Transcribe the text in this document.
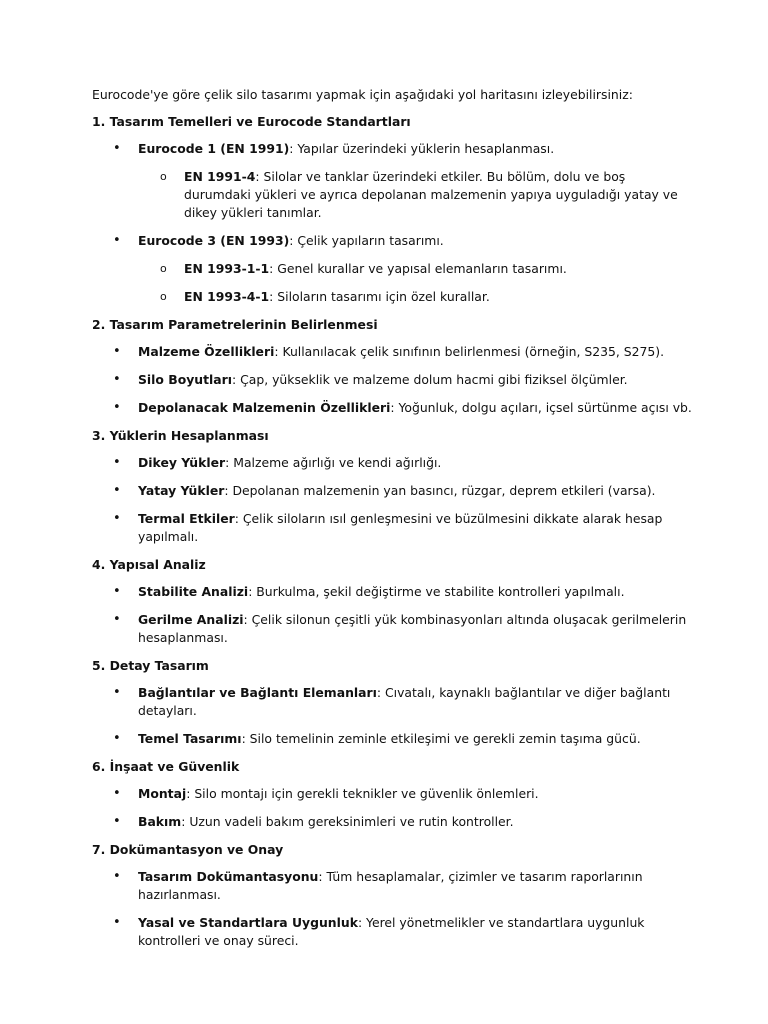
Eurocode'ye göre çelik silo tasarımı yapmak için aşağıdaki yol haritasını izleyebilirsiniz:

1. Tasarım Temelleri ve Eurocode Standartları

• Eurocode 1 (EN 1991): Yapılar üzerindeki yüklerin hesaplanması.
o EN 1991-4: Silolar ve tanklar üzerindeki etkiler. Bu bölüm, dolu ve boş durumdaki yükleri ve ayrıca depolanan malzemenin yapıya uyguladığı yatay ve dikey yükleri tanımlar.
• Eurocode 3 (EN 1993): Çelik yapıların tasarımı.
o EN 1993-1-1: Genel kurallar ve yapısal elemanların tasarımı.
o EN 1993-4-1: Siloların tasarımı için özel kurallar.

2. Tasarım Parametrelerinin Belirlenmesi

• Malzeme Özellikleri: Kullanılacak çelik sınıfının belirlenmesi (örneğin, S235, S275).
• Silo Boyutları: Çap, yükseklik ve malzeme dolum hacmi gibi fiziksel ölçümler.
• Depolanacak Malzemenin Özellikleri: Yoğunluk, dolgu açıları, içsel sürtünme açısı vb.

3. Yüklerin Hesaplanması

• Dikey Yükler: Malzeme ağırlığı ve kendi ağırlığı.
• Yatay Yükler: Depolanan malzemenin yan basıncı, rüzgar, deprem etkileri (varsa).
• Termal Etkiler: Çelik siloların ısıl genleşmesini ve büzülmesini dikkate alarak hesap yapılmalı.

4. Yapısal Analiz

• Stabilite Analizi: Burkulma, şekil değiştirme ve stabilite kontrolleri yapılmalı.
• Gerilme Analizi: Çelik silonun çeşitli yük kombinasyonları altında oluşacak gerilmelerin hesaplanması.

5. Detay Tasarım

• Bağlantılar ve Bağlantı Elemanları: Cıvatalı, kaynaklı bağlantılar ve diğer bağlantı detayları.
• Temel Tasarımı: Silo temelinin zeminle etkileşimi ve gerekli zemin taşıma gücü.

6. İnşaat ve Güvenlik

• Montaj: Silo montajı için gerekli teknikler ve güvenlik önlemleri.
• Bakım: Uzun vadeli bakım gereksinimleri ve rutin kontroller.

7. Dokümantasyon ve Onay

• Tasarım Dokümantasyonu: Tüm hesaplamalar, çizimler ve tasarım raporlarının hazırlanması.
• Yasal ve Standartlara Uygunluk: Yerel yönetmelikler ve standartlara uygunluk kontrolleri ve onay süreci.
